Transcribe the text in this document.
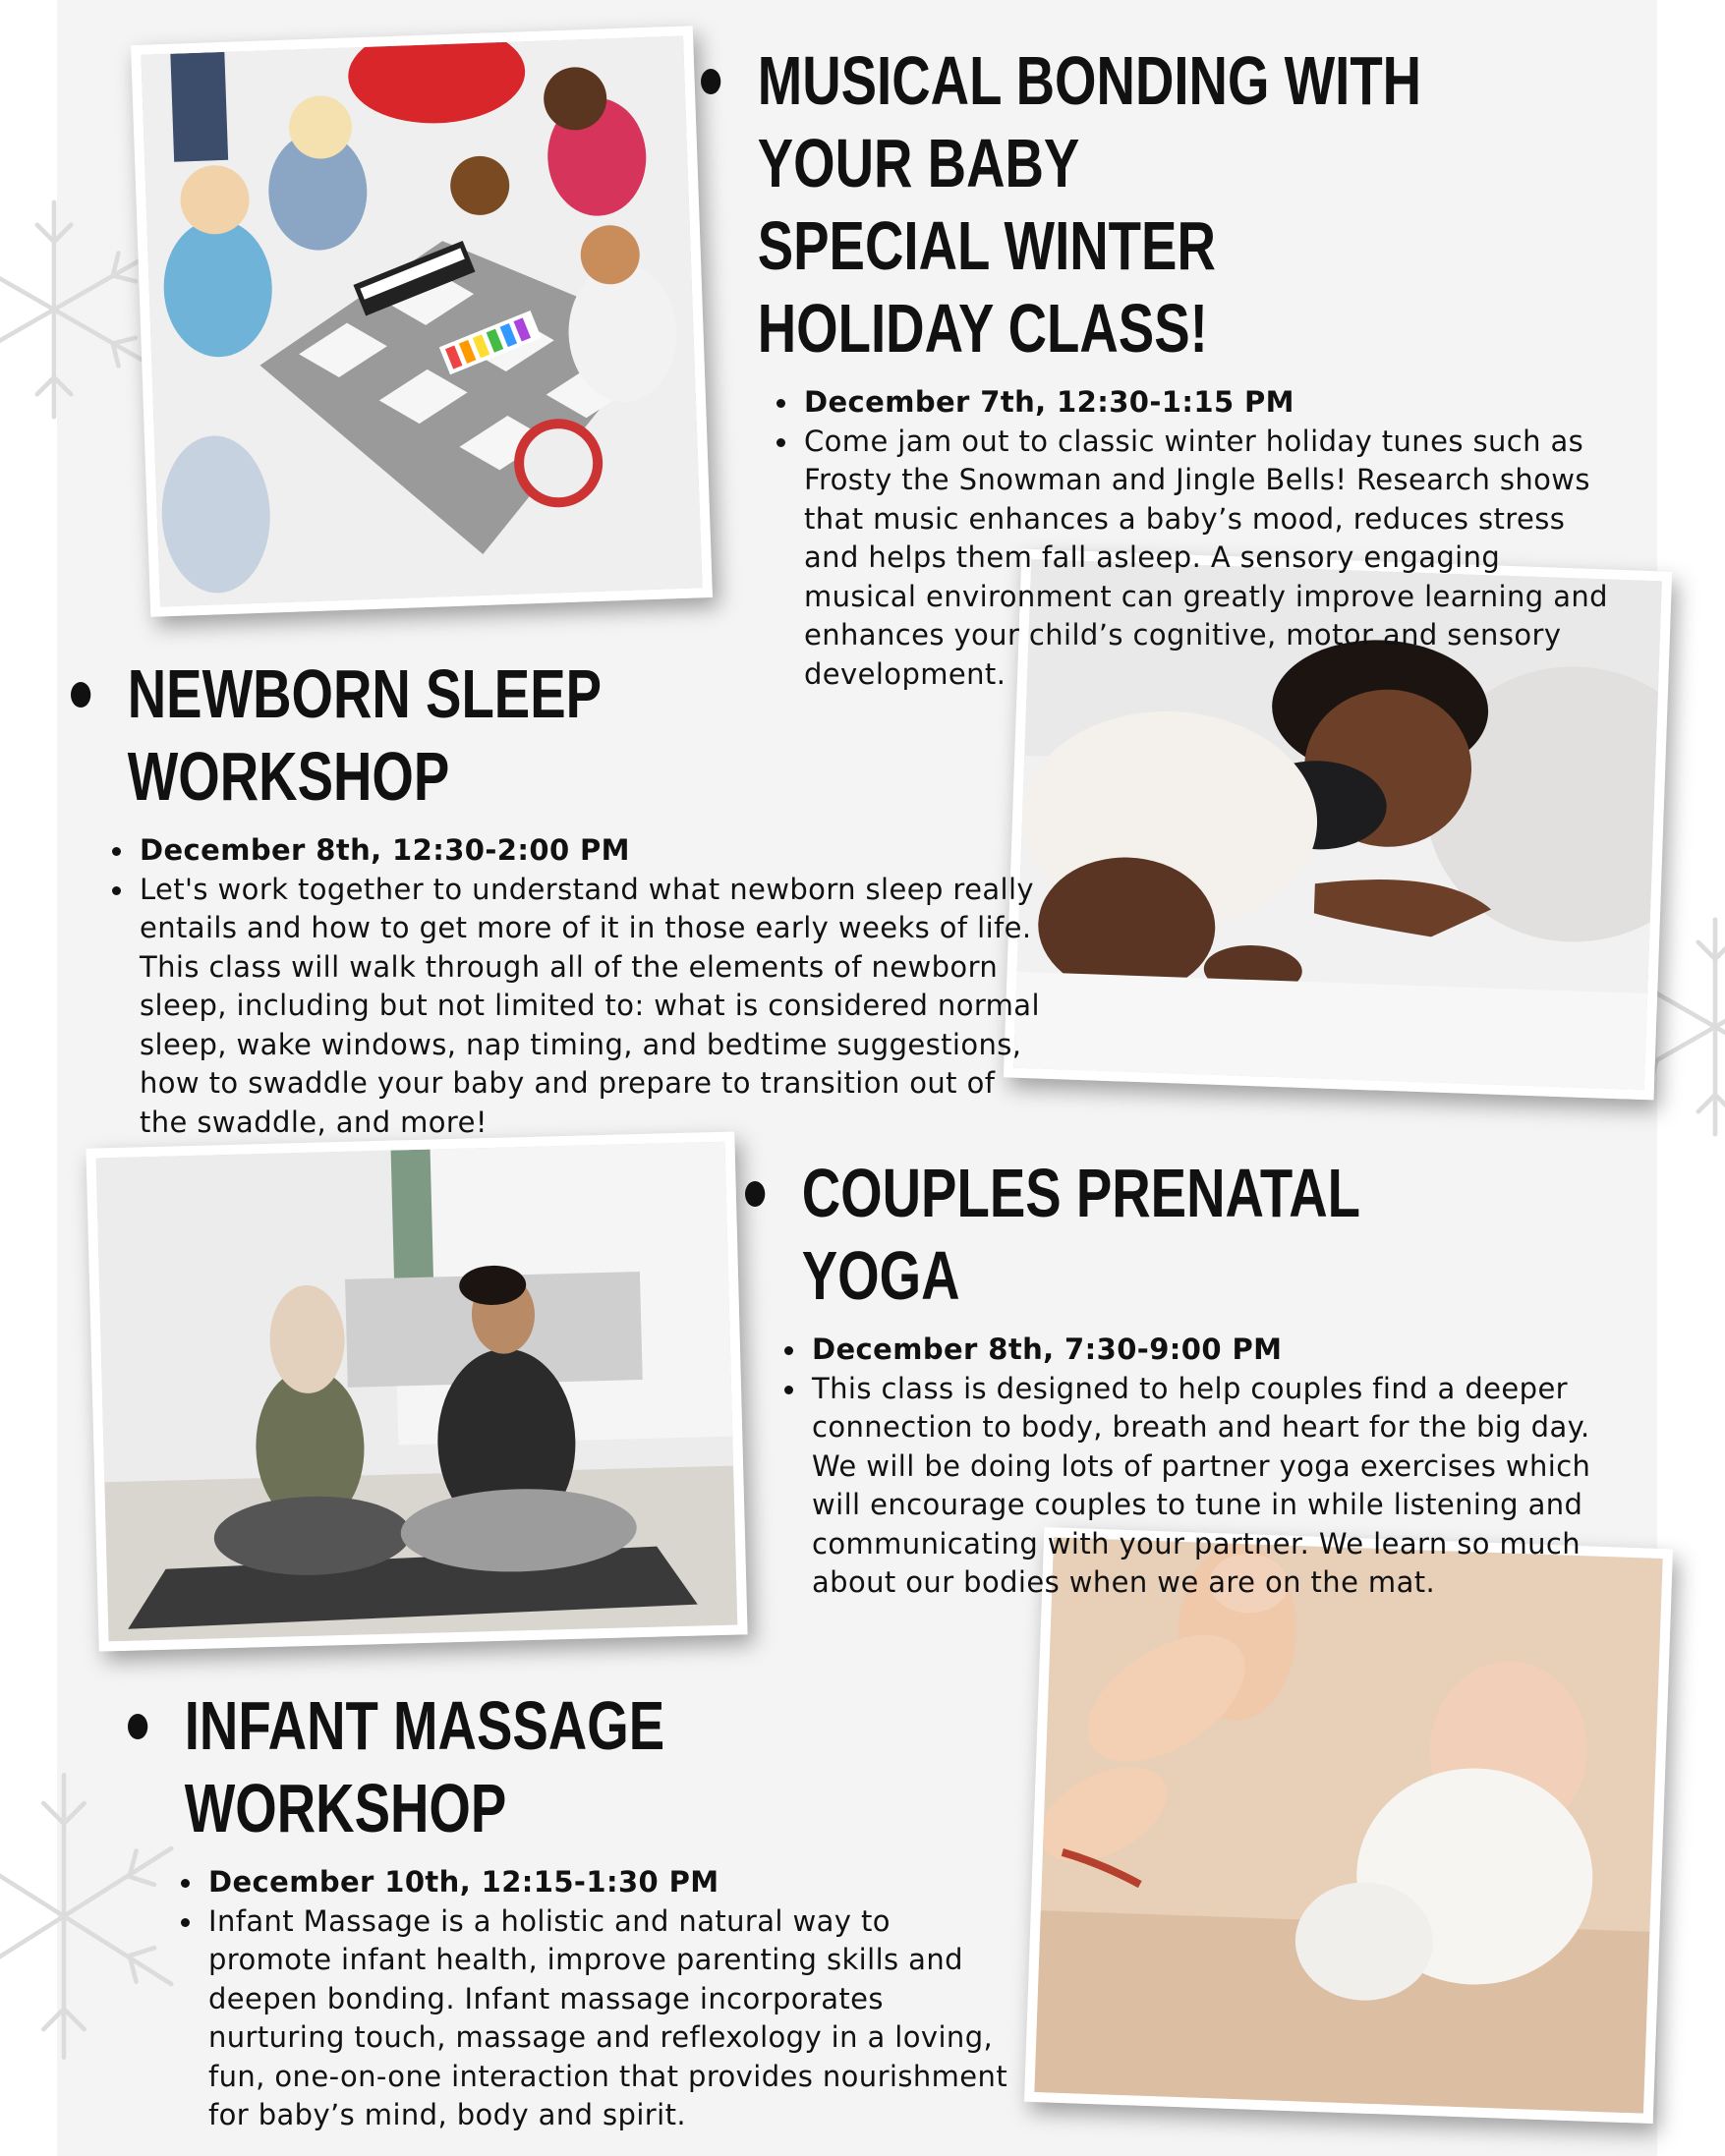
MUSICAL BONDING WITH YOUR BABY
SPECIAL WINTER HOLIDAY CLASS!
December 7th, 12:30-1:15 PM
Come jam out to classic winter holiday tunes such as Frosty the Snowman and Jingle Bells! Research shows that music enhances a baby’s mood, reduces stress and helps them fall asleep. A sensory engaging musical environment can greatly improve learning and enhances your child’s cognitive, motor and sensory development.
NEWBORN SLEEP WORKSHOP
December 8th, 12:30-2:00 PM
Let's work together to understand what newborn sleep really entails and how to get more of it in those early weeks of life. This class will walk through all of the elements of newborn sleep, including but not limited to: what is considered normal sleep, wake windows, nap timing, and bedtime suggestions, how to swaddle your baby and prepare to transition out of the swaddle, and more!
COUPLES PRENATAL YOGA
December 8th, 7:30-9:00 PM
This class is designed to help couples find a deeper connection to body, breath and heart for the big day. We will be doing lots of partner yoga exercises which will encourage couples to tune in while listening and communicating with your partner. We learn so much about our bodies when we are on the mat.
INFANT MASSAGE WORKSHOP
December 10th, 12:15-1:30 PM
Infant Massage is a holistic and natural way to promote infant health, improve parenting skills and deepen bonding. Infant massage incorporates nurturing touch, massage and reflexology in a loving, fun, one-on-one interaction that provides nourishment for baby’s mind, body and spirit.
